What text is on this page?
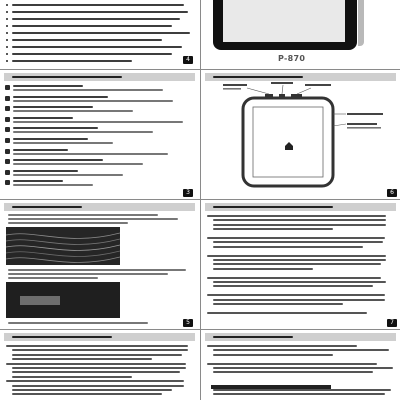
4	P-870
3	6
5	7
